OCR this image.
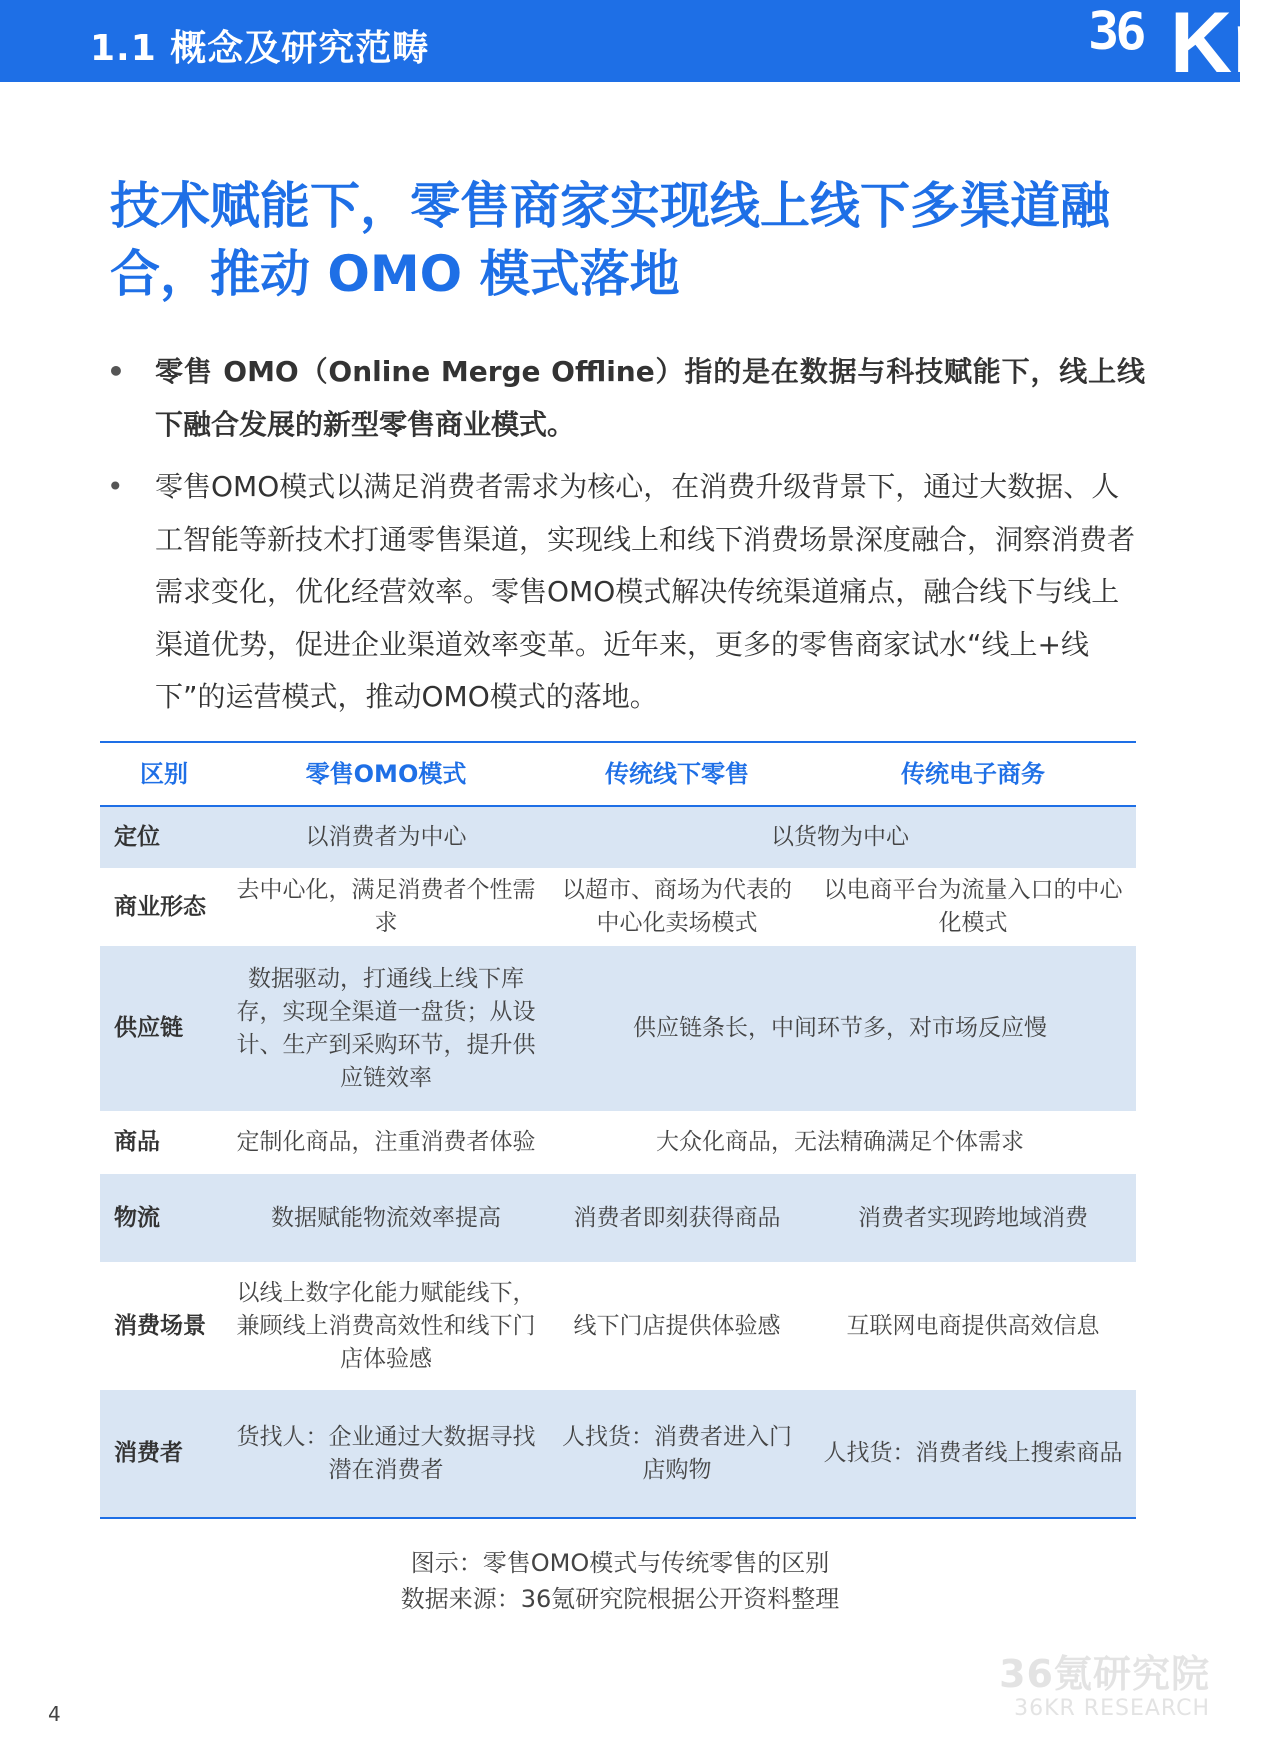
1.1 概念及研究范畴	36 Kr
技术赋能下，零售商家实现线上线下多渠道融合，推动 OMO 模式落地
• 零售 OMO（Online Merge Offline）指的是在数据与科技赋能下，线上线下融合发展的新型零售商业模式。
• 零售OMO模式以满足消费者需求为核心，在消费升级背景下，通过大数据、人工智能等新技术打通零售渠道，实现线上和线下消费场景深度融合，洞察消费者需求变化，优化经营效率。零售OMO模式解决传统渠道痛点，融合线下与线上渠道优势，促进企业渠道效率变革。近年来，更多的零售商家试水“线上+线下”的运营模式，推动OMO模式的落地。
区别	零售OMO模式	传统线下零售	传统电子商务
定位	以消费者为中心	以货物为中心	
商业形态	去中心化，满足消费者个性需求	以超市、商场为代表的中心化卖场模式	以电商平台为流量入口的中心化模式
供应链	数据驱动，打通线上线下库存，实现全渠道一盘货；从设计、生产到采购环节，提升供应链效率	供应链条长，中间环节多，对市场反应慢	
商品	定制化商品，注重消费者体验	大众化商品，无法精确满足个体需求	
物流	数据赋能物流效率提高	消费者即刻获得商品	消费者实现跨地域消费
消费场景	以线上数字化能力赋能线下，兼顾线上消费高效性和线下门店体验感	线下门店提供体验感	互联网电商提供高效信息
消费者	货找人：企业通过大数据寻找潜在消费者	人找货：消费者进入门店购物	人找货：消费者线上搜索商品
图示：零售OMO模式与传统零售的区别
数据来源：36氪研究院根据公开资料整理
36氪研究院
36KR RESEARCH
4
